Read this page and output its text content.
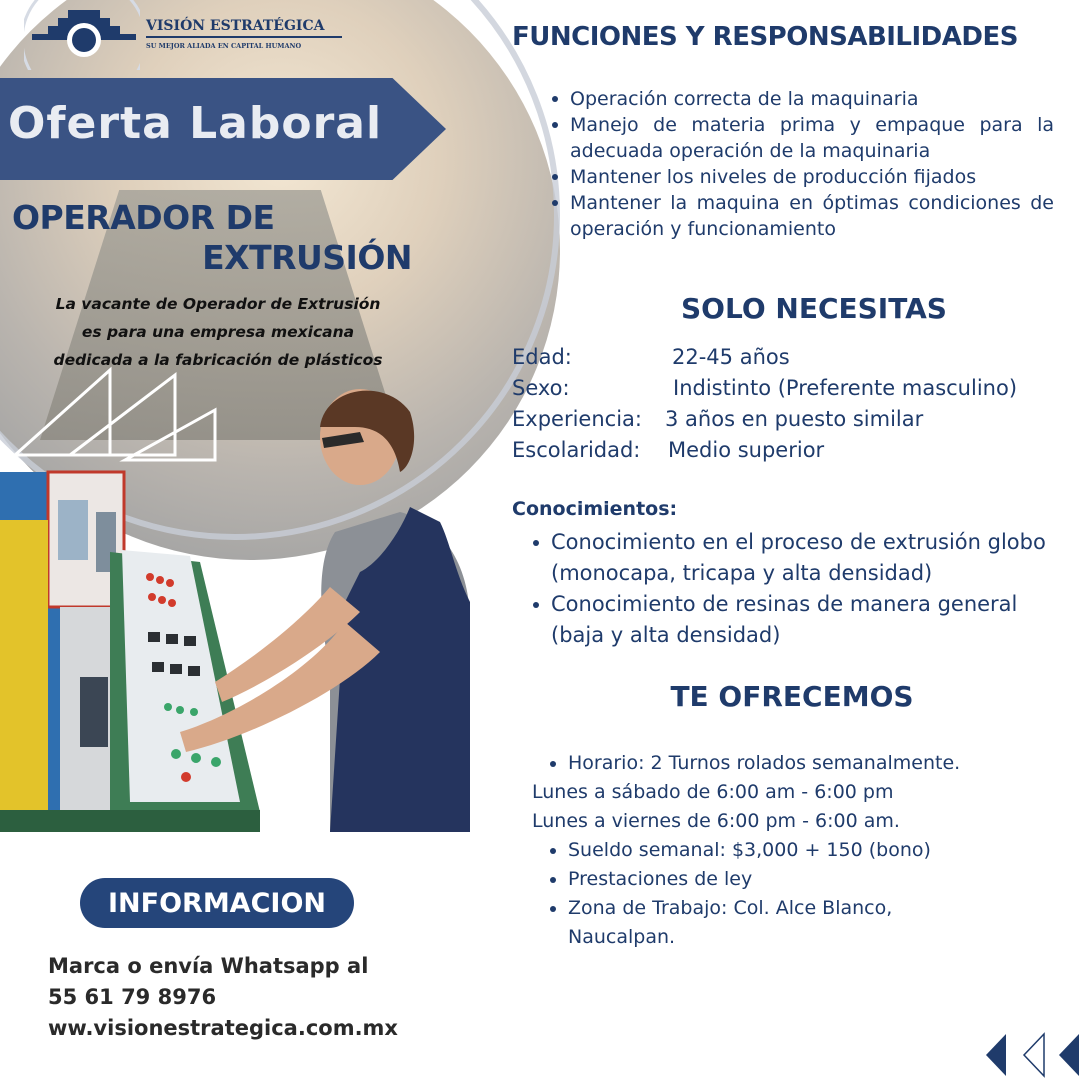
VISIÓN ESTRATÉGICA
SU MEJOR ALIADA EN CAPITAL HUMANO
Oferta Laboral
OPERADOR DE
EXTRUSIÓN
La vacante de Operador de Extrusión
es para una empresa mexicana
dedicada a la fabricación de plásticos
INFORMACION
Marca o envía Whatsapp al
55 61 79 8976
ww.visionestrategica.com.mx
FUNCIONES Y RESPONSABILIDADES
Operación correcta de la maquinaria
Manejo de materia prima y empaque para la adecuada operación de la maquinaria
Mantener los niveles de producción fijados
Mantener la maquina en óptimas condiciones de operación y funcionamiento
SOLO NECESITAS
Edad:	22-45 años
Sexo:	Indistinto (Preferente masculino)
Experiencia: 3 años en puesto similar
Escolaridad: Medio superior
Conocimientos:
Conocimiento en el proceso de extrusión globo (monocapa, tricapa y alta densidad)
Conocimiento de resinas de manera general (baja y alta densidad)
TE OFRECEMOS
Horario: 2 Turnos rolados semanalmente.
Lunes a sábado de 6:00 am - 6:00 pm
Lunes a viernes de 6:00 pm - 6:00 am.
Sueldo semanal: $3,000 + 150 (bono)
Prestaciones de ley
Zona de Trabajo: Col. Alce Blanco, Naucalpan.
